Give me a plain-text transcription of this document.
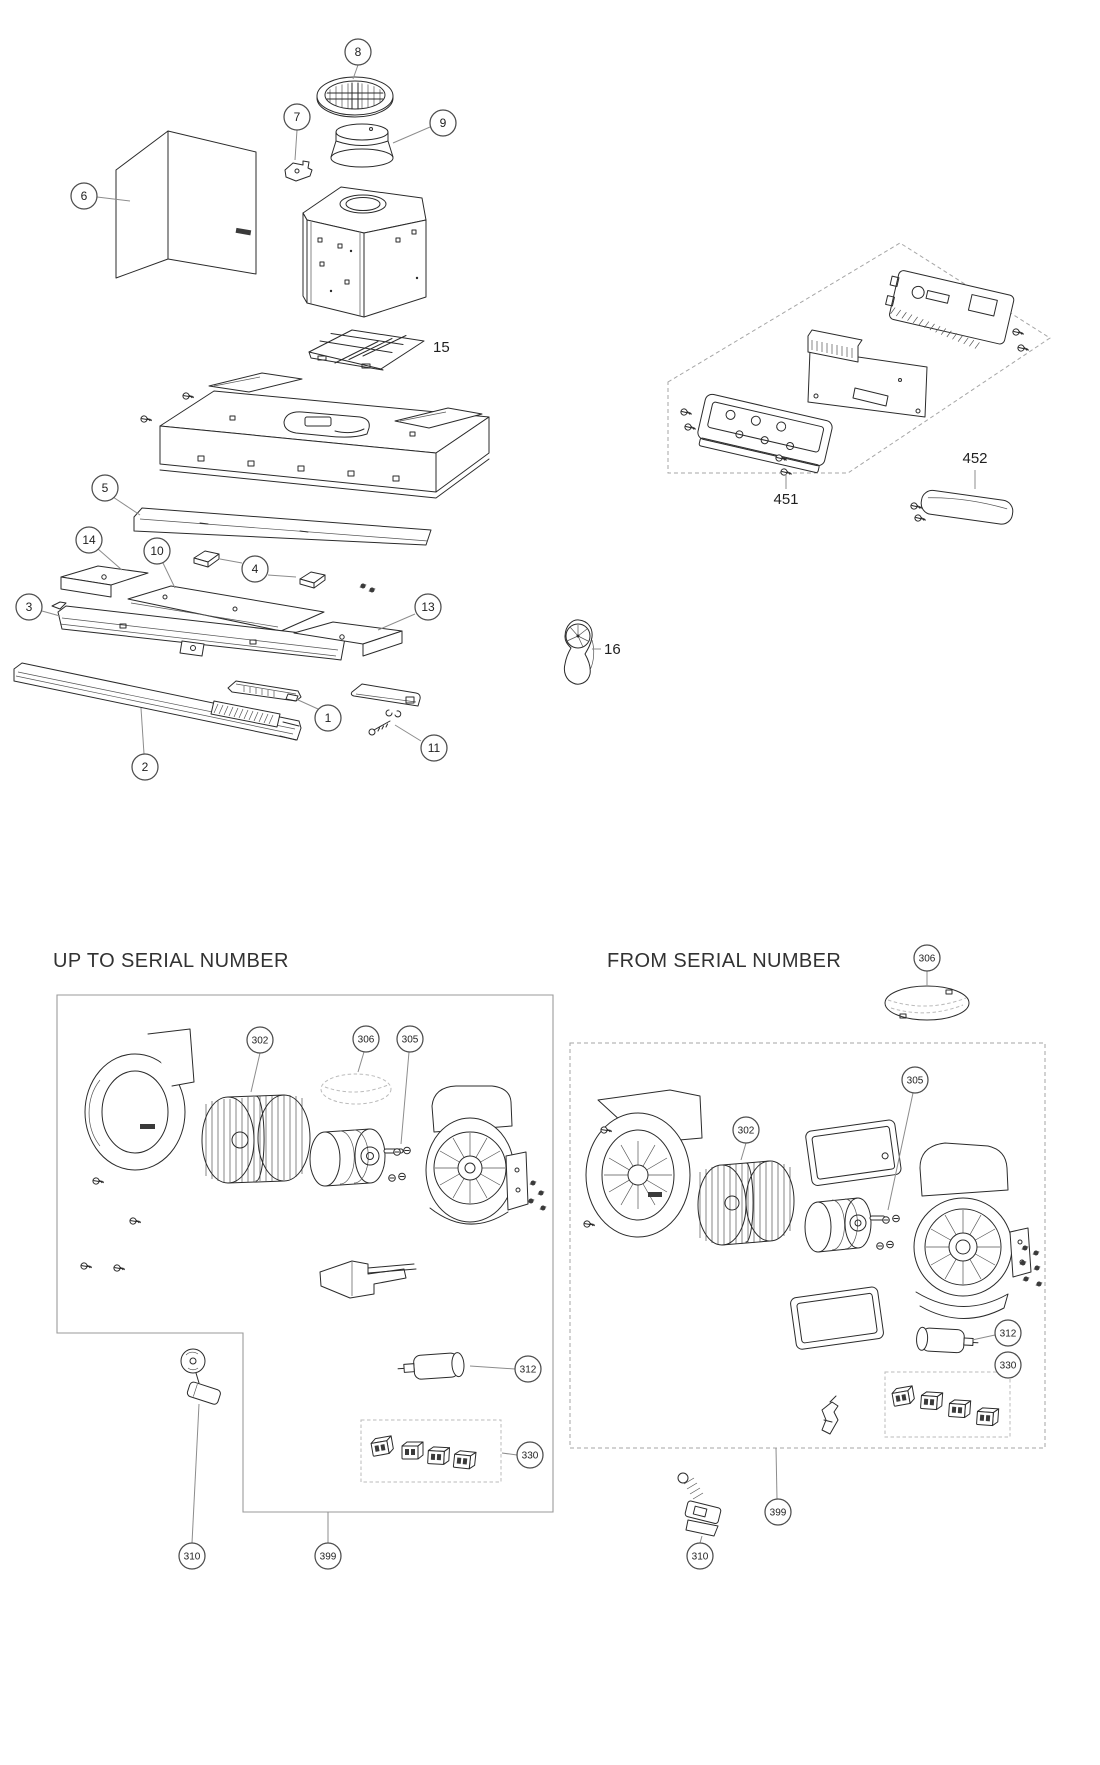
8
7	9
6
15
5
14
10
4
3	13
2
1
11
16
451
452
UP TO SERIAL NUMBER
302	306	305
312
330
310	399
FROM SERIAL NUMBER	306
302
305
312
330
399
310
